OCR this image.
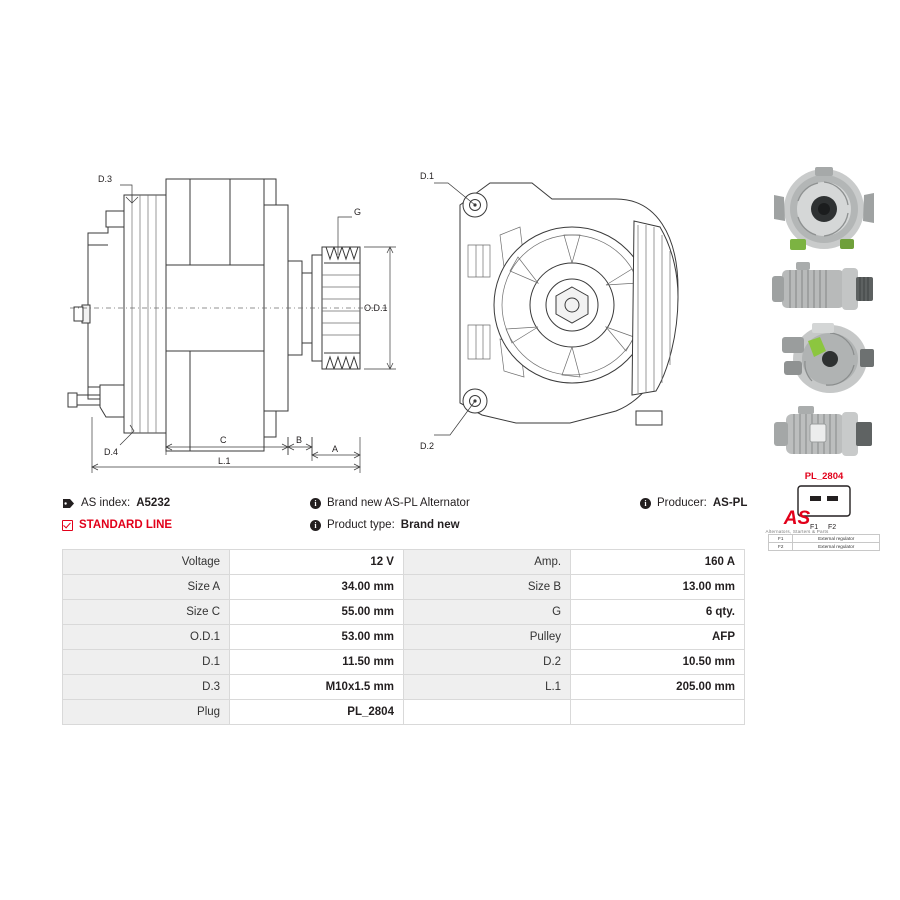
D.3
G
O.D.1
D.4
C	B
A
L.1
D.1
D.2
PL_2804
F1 F2
F1	External regulator
F2	External regulator
AS index: A5232
STANDARD LINE
i Brand new AS-PL Alternator
i Product type: Brand new
i Producer: AS-PL
AS
Alternators, Starters & Parts
Voltage	12 V	Amp.	160 A
Size A	34.00 mm	Size B	13.00 mm
Size C	55.00 mm	G	6 qty.
O.D.1	53.00 mm	Pulley	AFP
D.1	11.50 mm	D.2	10.50 mm
D.3	M10x1.5 mm	L.1	205.00 mm
Plug	PL_2804		
